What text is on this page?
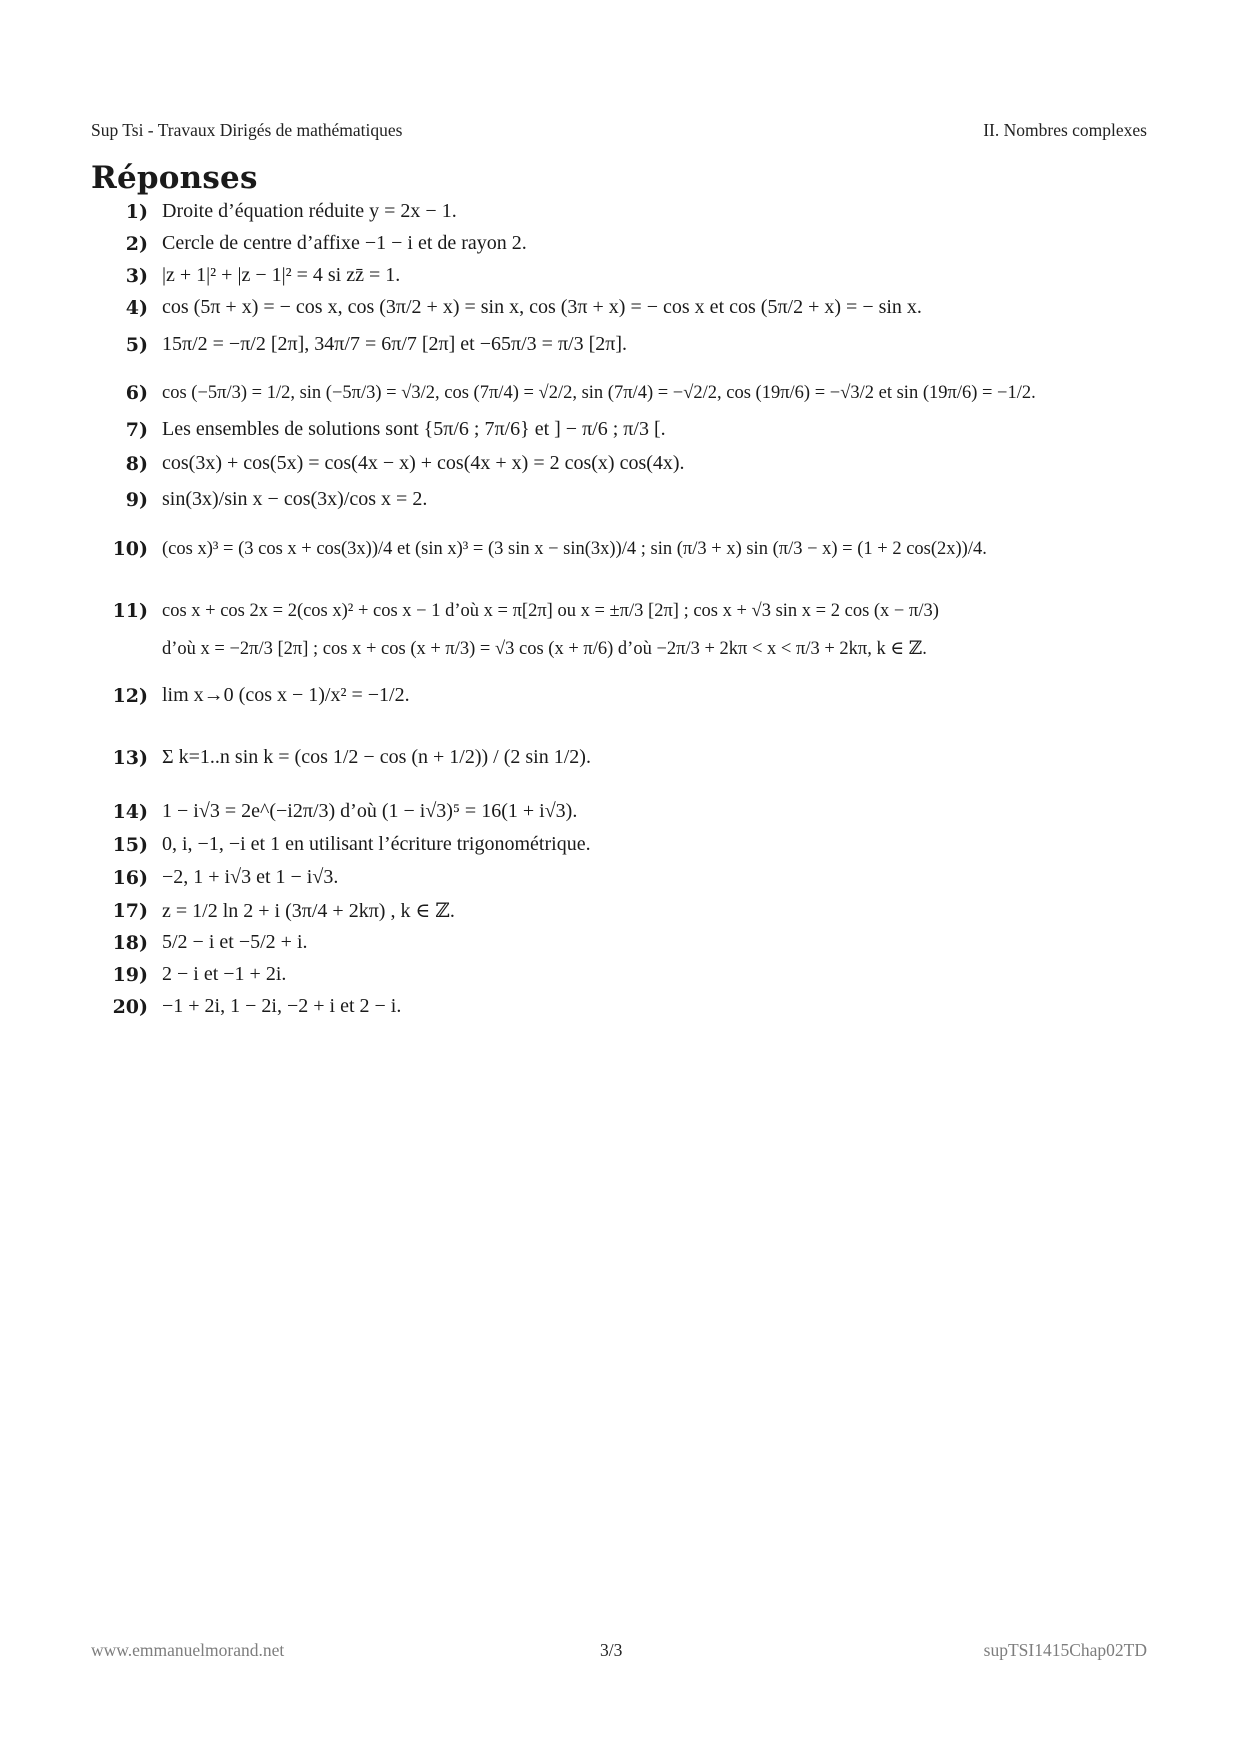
Sup Tsi - Travaux Dirigés de mathématiques	II. Nombres complexes
Réponses
1) Droite d’équation réduite y = 2x − 1.
2) Cercle de centre d’affixe −1 − i et de rayon 2.
3) |z + 1|² + |z − 1|² = 4 si zz̄ = 1.
4) cos (5π + x) = − cos x, cos (3π/2 + x) = sin x, cos (3π + x) = − cos x et cos (5π/2 + x) = − sin x.
5) 15π/2 = −π/2 [2π], 34π/7 = 6π/7 [2π] et −65π/3 = π/3 [2π].
6) cos (−5π/3) = 1/2, sin (−5π/3) = √3/2, cos (7π/4) = √2/2, sin (7π/4) = −√2/2, cos (19π/6) = −√3/2 et sin (19π/6) = −1/2.
7) Les ensembles de solutions sont {5π/6 ; 7π/6} et ] − π/6 ; π/3 [.
8) cos(3x) + cos(5x) = cos(4x − x) + cos(4x + x) = 2 cos(x) cos(4x).
9) sin(3x)/sin x − cos(3x)/cos x = 2.
10) (cos x)³ = (3 cos x + cos(3x))/4 et (sin x)³ = (3 sin x − sin(3x))/4 ; sin (π/3 + x) sin (π/3 − x) = (1 + 2 cos(2x))/4.
11) cos x + cos 2x = 2(cos x)² + cos x − 1 d’où x = π[2π] ou x = ±π/3 [2π] ; cos x + √3 sin x = 2 cos (x − π/3)
d’où x = −2π/3 [2π] ; cos x + cos (x + π/3) = √3 cos (x + π/6) d’où −2π/3 + 2kπ < x < π/3 + 2kπ, k ∈ ℤ.
12) lim x→0 (cos x − 1)/x² = −1/2.
13) Σ k=1..n sin k = (cos 1/2 − cos (n + 1/2)) / (2 sin 1/2).
14) 1 − i√3 = 2e^(−i2π/3) d’où (1 − i√3)⁵ = 16(1 + i√3).
15) 0, i, −1, −i et 1 en utilisant l’écriture trigonométrique.
16) −2, 1 + i√3 et 1 − i√3.
17) z = 1/2 ln 2 + i (3π/4 + 2kπ) , k ∈ ℤ.
18) 5/2 − i et −5/2 + i.
19) 2 − i et −1 + 2i.
20) −1 + 2i, 1 − 2i, −2 + i et 2 − i.
www.emmanuelmorand.net	3/3	supTSI1415Chap02TD
